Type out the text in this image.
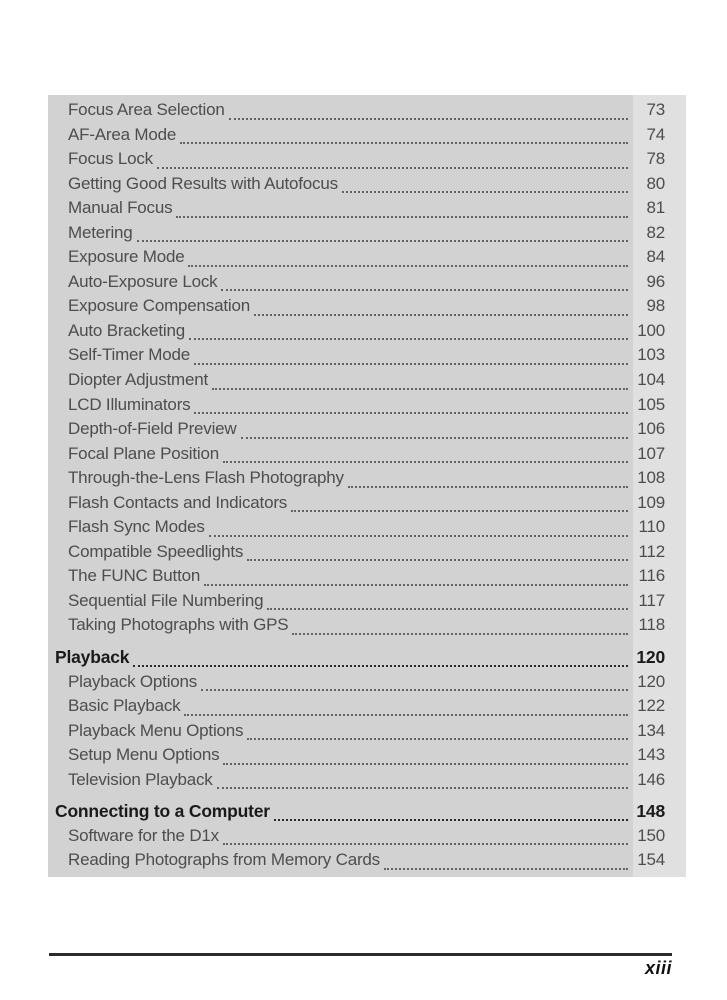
Focus Area Selection	73
AF-Area Mode	74
Focus Lock	78
Getting Good Results with Autofocus	80
Manual Focus	81
Metering	82
Exposure Mode	84
Auto-Exposure Lock	96
Exposure Compensation	98
Auto Bracketing	100
Self-Timer Mode	103
Diopter Adjustment	104
LCD Illuminators	105
Depth-of-Field Preview	106
Focal Plane Position	107
Through-the-Lens Flash Photography	108
Flash Contacts and Indicators	109
Flash Sync Modes	110
Compatible Speedlights	112
The FUNC Button	116
Sequential File Numbering	117
Taking Photographs with GPS	118
Playback	120
Playback Options	120
Basic Playback	122
Playback Menu Options	134
Setup Menu Options	143
Television Playback	146
Connecting to a Computer	148
Software for the D1x	150
Reading Photographs from Memory Cards	154
xiii
